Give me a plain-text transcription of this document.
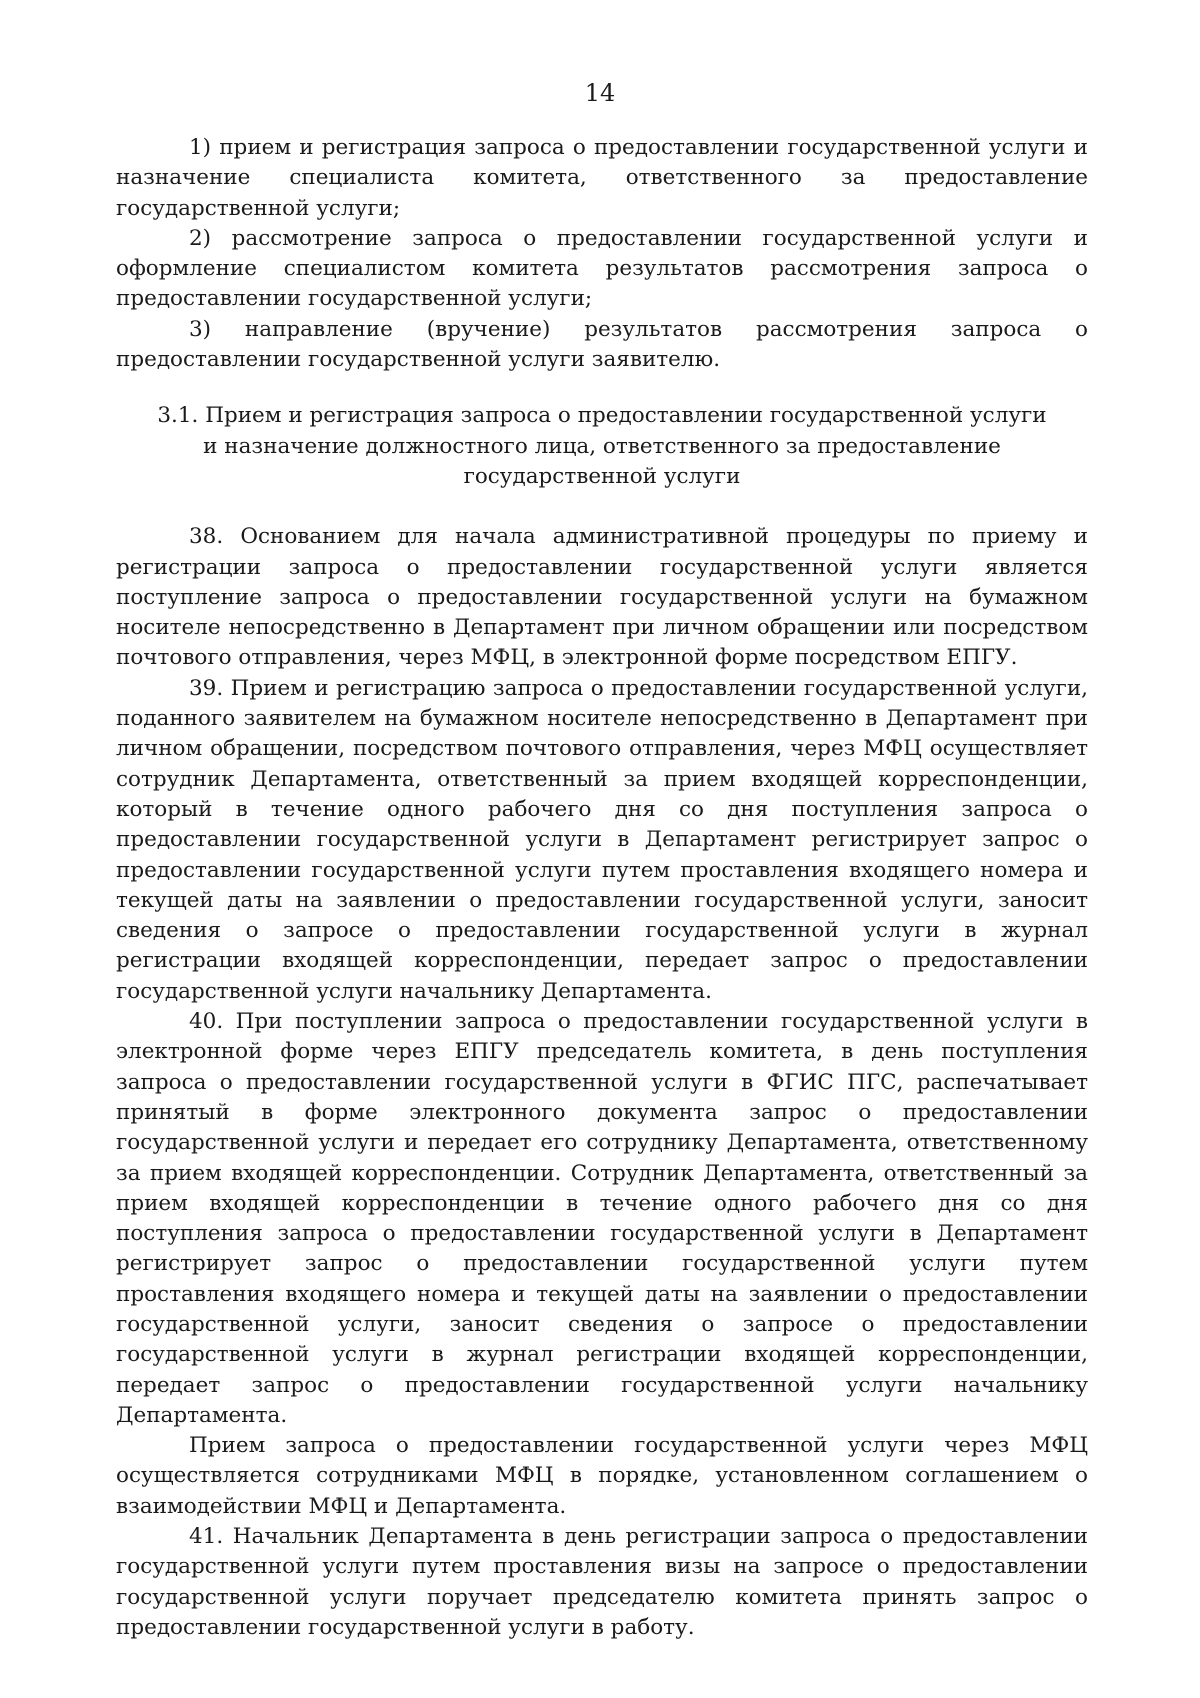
14

1) прием и регистрация запроса о предоставлении государственной услуги и назначение специалиста комитета, ответственного за предоставление государственной услуги;

2) рассмотрение запроса о предоставлении государственной услуги и оформление специалистом комитета результатов рассмотрения запроса о предоставлении государственной услуги;

3) направление (вручение) результатов рассмотрения запроса о предоставлении государственной услуги заявителю.

3.1. Прием и регистрация запроса о предоставлении государственной услуги
и назначение должностного лица, ответственного за предоставление
государственной услуги

38. Основанием для начала административной процедуры по приему и регистрации запроса о предоставлении государственной услуги является поступление запроса о предоставлении государственной услуги на бумажном носителе непосредственно в Департамент при личном обращении или посредством почтового отправления, через МФЦ, в электронной форме посредством ЕПГУ.

39. Прием и регистрацию запроса о предоставлении государственной услуги, поданного заявителем на бумажном носителе непосредственно в Департамент при личном обращении, посредством почтового отправления, через МФЦ осуществляет сотрудник Департамента, ответственный за прием входящей корреспонденции, который в течение одного рабочего дня со дня поступления запроса о предоставлении государственной услуги в Департамент регистрирует запрос о предоставлении государственной услуги путем проставления входящего номера и текущей даты на заявлении о предоставлении государственной услуги, заносит сведения о запросе о предоставлении государственной услуги в журнал регистрации входящей корреспонденции, передает запрос о предоставлении государственной услуги начальнику Департамента.

40. При поступлении запроса о предоставлении государственной услуги в электронной форме через ЕПГУ председатель комитета, в день поступления запроса о предоставлении государственной услуги в ФГИС ПГС, распечатывает принятый в форме электронного документа запрос о предоставлении государственной услуги и передает его сотруднику Департамента, ответственному за прием входящей корреспонденции. Сотрудник Департамента, ответственный за прием входящей корреспонденции в течение одного рабочего дня со дня поступления запроса о предоставлении государственной услуги в Департамент регистрирует запрос о предоставлении государственной услуги путем проставления входящего номера и текущей даты на заявлении о предоставлении государственной услуги, заносит сведения о запросе о предоставлении государственной услуги в журнал регистрации входящей корреспонденции, передает запрос о предоставлении государственной услуги начальнику Департамента.

Прием запроса о предоставлении государственной услуги через МФЦ осуществляется сотрудниками МФЦ в порядке, установленном соглашением о взаимодействии МФЦ и Департамента.

41. Начальник Департамента в день регистрации запроса о предоставлении государственной услуги путем проставления визы на запросе о предоставлении государственной услуги поручает председателю комитета принять запрос о предоставлении государственной услуги в работу.
